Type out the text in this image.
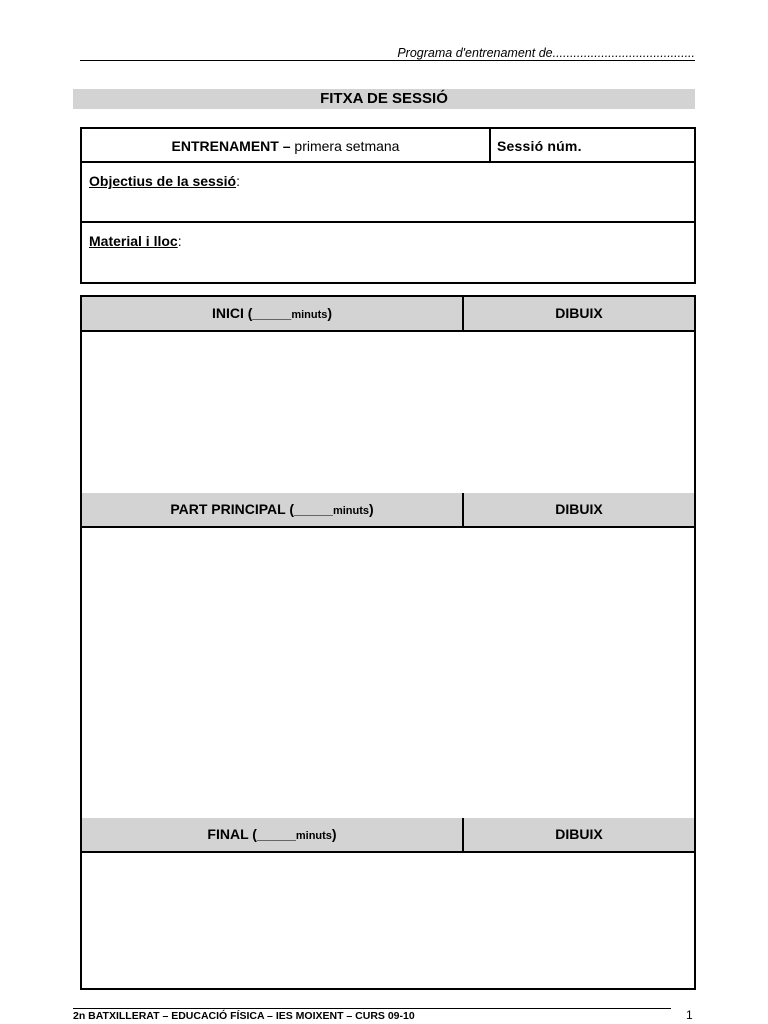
Programa d'entrenament de.........................................
FITXA DE SESSIÓ
ENTRENAMENT – primera setmana	Sessió núm.
Objectius de la sessió:
Material i lloc:
INICI (_____minuts)	DIBUIX
PART PRINCIPAL (_____minuts)	DIBUIX
FINAL (_____minuts)	DIBUIX
2n BATXILLERAT – EDUCACIÓ FÍSICA – IES MOIXENT – CURS 09-10	1
